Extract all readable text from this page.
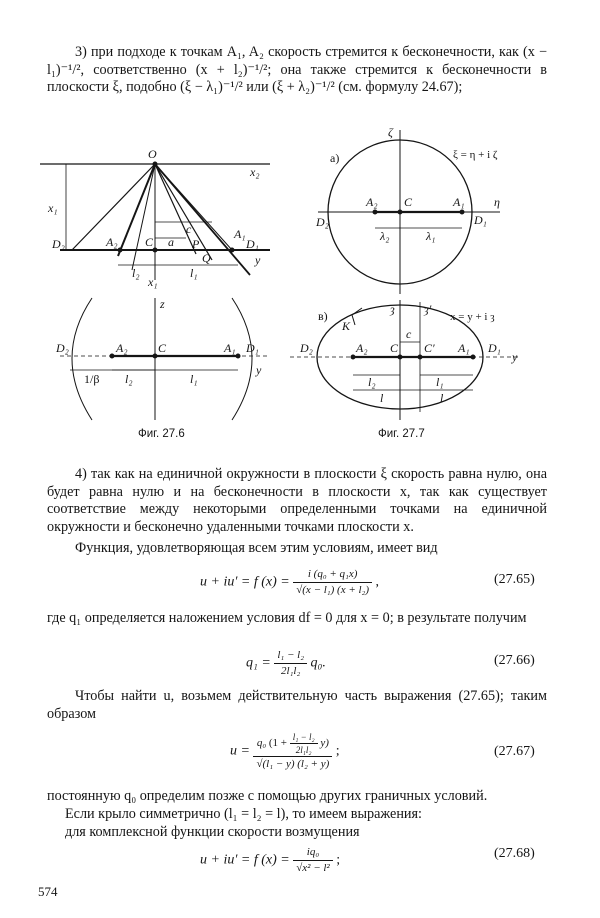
3) при подходе к точкам A₁, A₂ скорость стремится к бесконечности, как (x − l₁)⁻¹/², соответственно (x + l₂)⁻¹/²; она также стремится к бесконечности в плоскости ξ, подобно (ξ − λ₁)⁻¹/² или (ξ + λ₂)⁻¹/² (см. формулу 24.67);
O
x₂
x₁
D₂	A₂ C a P
c	A₁
D₁
Q	y
l₂	l₁
x₁
z
D₂	A₂	C	A₁ D₁
1/β l₂	l₁
y
а)
ζ
ξ = η + i ζ
A₂ C	A₁
D₁
η
D₂
λ₂	λ₁
в)	ȝ ȝ′
x = y + i ȝ
K
c
D₂	A₂ C C′ A₁ D₁
y
l₂	l₁
l	l
Фиг. 27.6	Фиг. 27.7
4) так как на единичной окружности в плоскости ξ скорость равна нулю, она будет равна нулю и на бесконечности в плоскости x, так как существует соответствие между некоторыми определенными точками на единичной окружности и бесконечно удаленными точками плоскости x.
Функция, удовлетворяющая всем этим условиям, имеет вид
u + iu′ = f $(x) = \frac{\text{i (q₀ + q₁x)}}{\text{√(x − l₁) (x + l₂)}}$ ,	(27.65)
где q₁ определяется наложением условия df = 0 для x = 0; в результате получим
$q_1 = \frac{\text{l₁ − l₂}}{\text{2l₁l₂}} q_0$.	(27.66)
Чтобы найти u, возьмем действительную часть выражения (27.65); таким образом
u =
q₀ $(1 + \frac{\text{l₁ − l₂}}{\text{2l₁l₂}} y)$
√(l₁ − y) (l₂ + y)
;	(27.67)
постоянную q₀ определим позже с помощью других граничных условий.
Если крыло симметрично (l₁ = l₂ = l), то имеем выражения:
для комплексной функции скорости возмущения
u + iu′ = f $(x) = \frac{\text{iq₀}}{\text{√x² − l²}}$ ;	(27.68)
574
